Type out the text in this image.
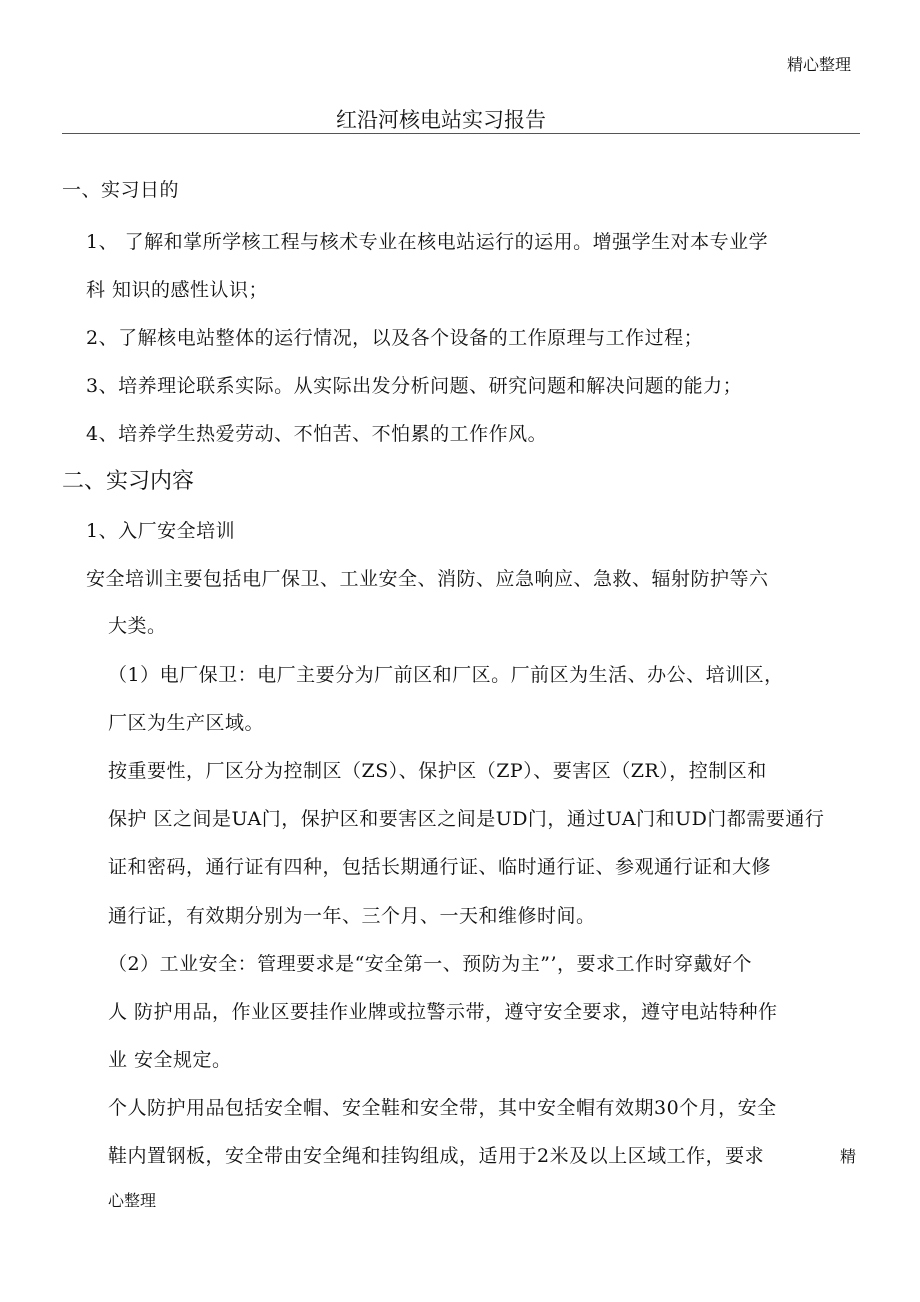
精心整理
红沿河核电站实习报告
一、实习日的
1、 了解和掌所学核工程与核术专业在核电站运行的运用。增强学生对本专业学
科 知识的感性认识；
2、了解核电站整体的运行情况，以及各个设备的工作原理与工作过程；
3、培养理论联系实际。从实际出发分析问题、研究问题和解决问题的能力；
4、培养学生热爱劳动、不怕苦、不怕累的工作作风。
二、实习内容
1、入厂安全培训
安全培训主要包括电厂保卫、工业安全、消防、应急响应、急救、辐射防护等六
大类。
（1）电厂保卫：电厂主要分为厂前区和厂区。厂前区为生活、办公、培训区，
厂区为生产区域。
按重要性，厂区分为控制区（ZS）、保护区（ZP）、要害区（ZR），控制区和
保护 区之间是UA门，保护区和要害区之间是UD门，通过UA门和UD门都需要通行
证和密码，通行证有四种，包括长期通行证、临时通行证、参观通行证和大修
通行证，有效期分别为一年、三个月、一天和维修时间。
（2）工业安全：管理要求是“安全第一、预防为主”’，要求工作时穿戴好个
人 防护用品，作业区要挂作业牌或拉警示带，遵守安全要求，遵守电站特种作
业 安全规定。
个人防护用品包括安全帽、安全鞋和安全带，其中安全帽有效期30个月，安全
鞋内置钢板，安全带由安全绳和挂钩组成，适用于2米及以上区域工作，要求	精
心整理
